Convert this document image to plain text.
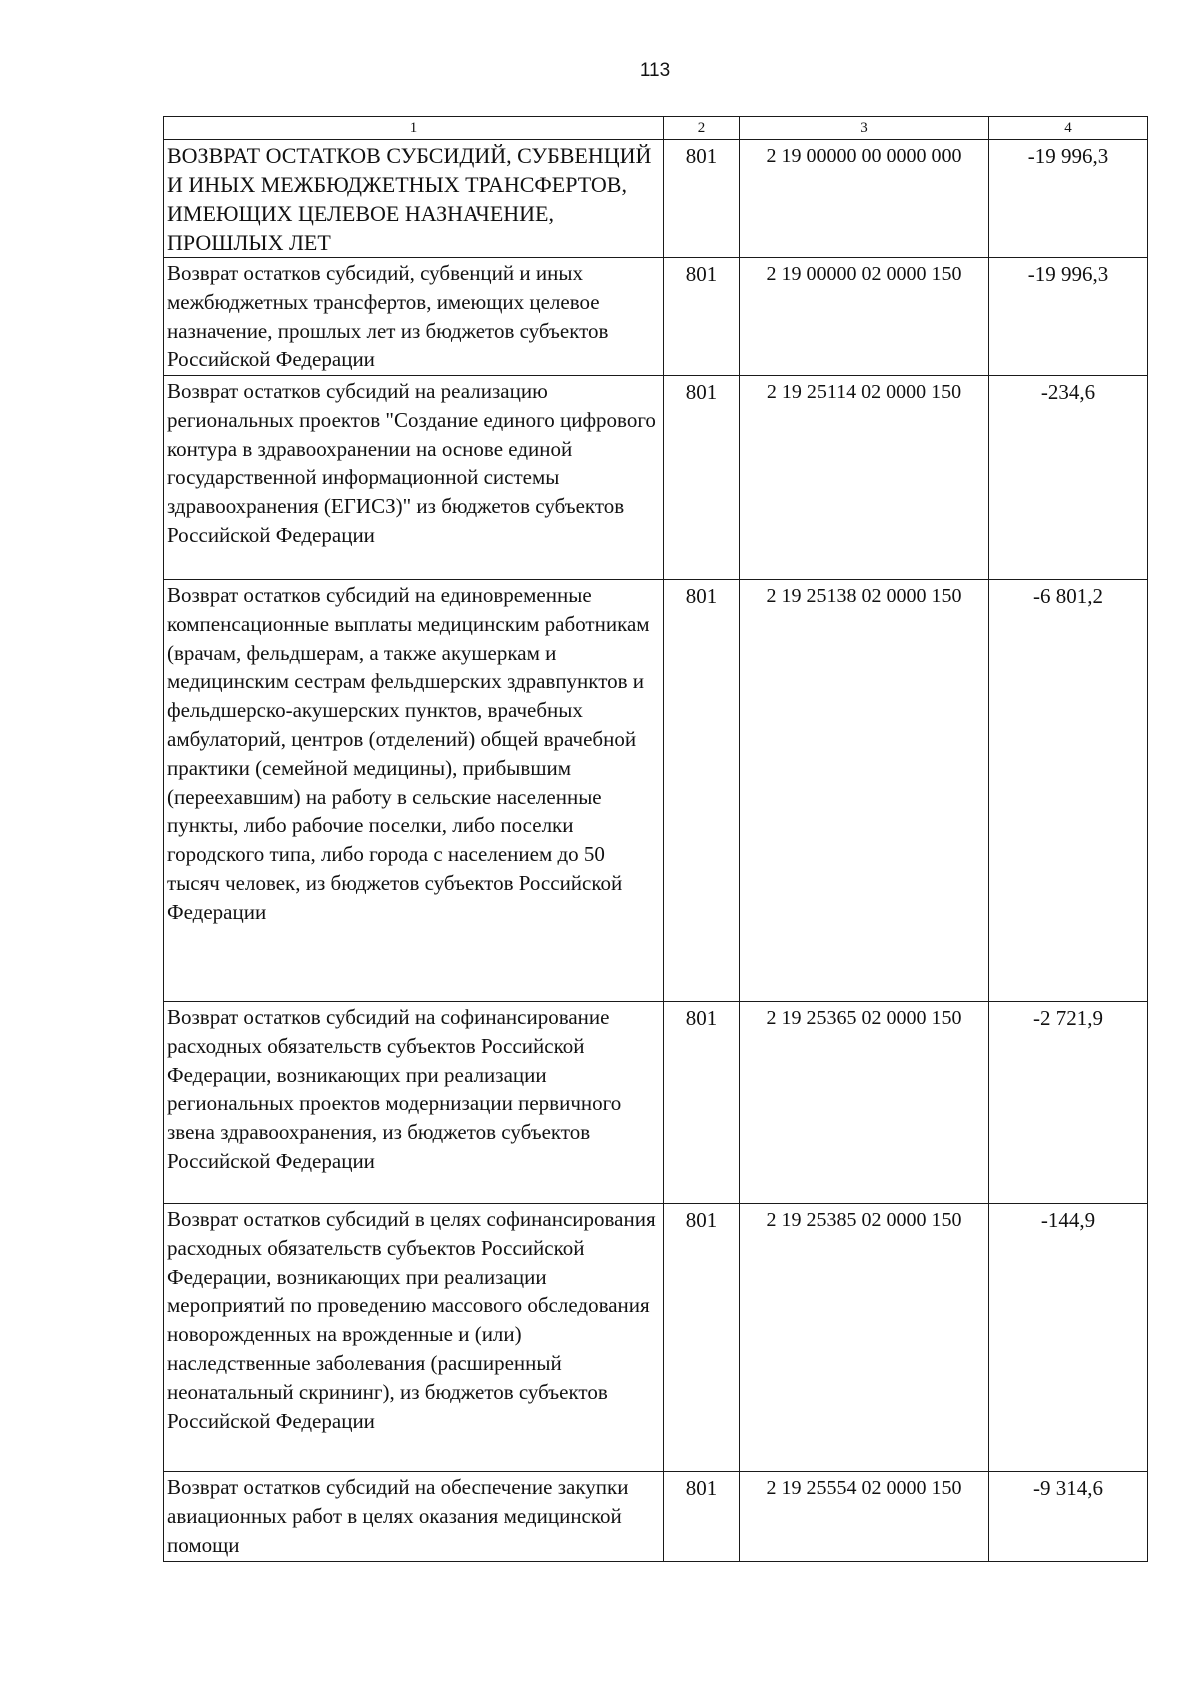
113
1	2	3	4
ВОЗВРАТ ОСТАТКОВ СУБСИДИЙ, СУБВЕНЦИЙ И ИНЫХ МЕЖБЮДЖЕТНЫХ ТРАНСФЕРТОВ, ИМЕЮЩИХ ЦЕЛЕВОЕ НАЗНАЧЕНИЕ, ПРОШЛЫХ ЛЕТ	801	2 19 00000 00 0000 000	-19 996,3
Возврат остатков субсидий, субвенций и иных межбюджетных трансфертов, имеющих целевое назначение, прошлых лет из бюджетов субъектов Российской Федерации	801	2 19 00000 02 0000 150	-19 996,3
Возврат остатков субсидий на реализацию региональных проектов "Создание единого цифрового контура в здравоохранении на основе единой государственной информационной системы здравоохранения (ЕГИСЗ)" из бюджетов субъектов Российской Федерации	801	2 19 25114 02 0000 150	-234,6
Возврат остатков субсидий на единовременные компенсационные выплаты медицинским работникам (врачам, фельдшерам, а также акушеркам и медицинским сестрам фельдшерских здравпунктов и фельдшерско-акушерских пунктов, врачебных амбулаторий, центров (отделений) общей врачебной практики (семейной медицины), прибывшим (переехавшим) на работу в сельские населенные пункты, либо рабочие поселки, либо поселки городского типа, либо города с населением до 50 тысяч человек, из бюджетов субъектов Российской Федерации	801	2 19 25138 02 0000 150	-6 801,2
Возврат остатков субсидий на софинансирование расходных обязательств субъектов Российской Федерации, возникающих при реализации региональных проектов модернизации первичного звена здравоохранения, из бюджетов субъектов Российской Федерации	801	2 19 25365 02 0000 150	-2 721,9
Возврат остатков субсидий в целях софинансирования расходных обязательств субъектов Российской Федерации, возникающих при реализации мероприятий по проведению массового обследования новорожденных на врожденные и (или) наследственные заболевания (расширенный неонатальный скрининг), из бюджетов субъектов Российской Федерации	801	2 19 25385 02 0000 150	-144,9
Возврат остатков субсидий на обеспечение закупки авиационных работ в целях оказания медицинской помощи	801	2 19 25554 02 0000 150	-9 314,6
